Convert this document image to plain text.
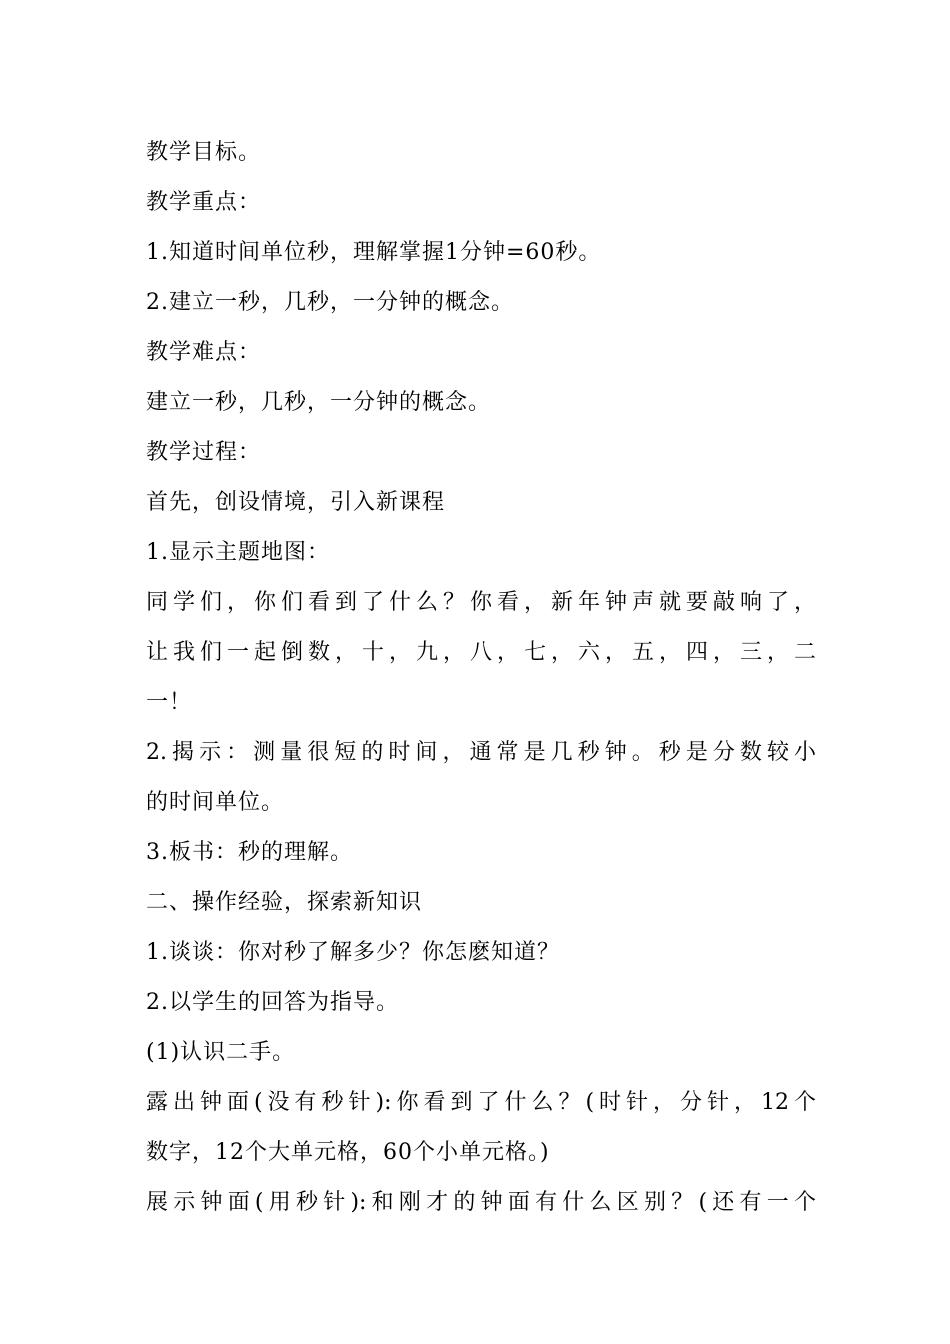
教学目标。
教学重点：
1.知道时间单位秒，理解掌握1分钟=60秒。
2.建立一秒，几秒，一分钟的概念。
教学难点：
建立一秒，几秒，一分钟的概念。
教学过程：
首先，创设情境，引入新课程
1.显示主题地图：
同学们，你们看到了什么？你看，新年钟声就要敲响了，
让我们一起倒数，十，九，八，七，六，五，四，三，二
一！
2.揭示：测量很短的时间，通常是几秒钟。秒是分数较小
的时间单位。
3.板书：秒的理解。
二、操作经验，探索新知识
1.谈谈：你对秒了解多少？你怎麽知道？
2.以学生的回答为指导。
(1)认识二手。
露出钟面(没有秒针):你看到了什么？(时针，分针，12个
数字，12个大单元格，60个小单元格。)
展示钟面(用秒针):和刚才的钟面有什么区别？(还有一个
